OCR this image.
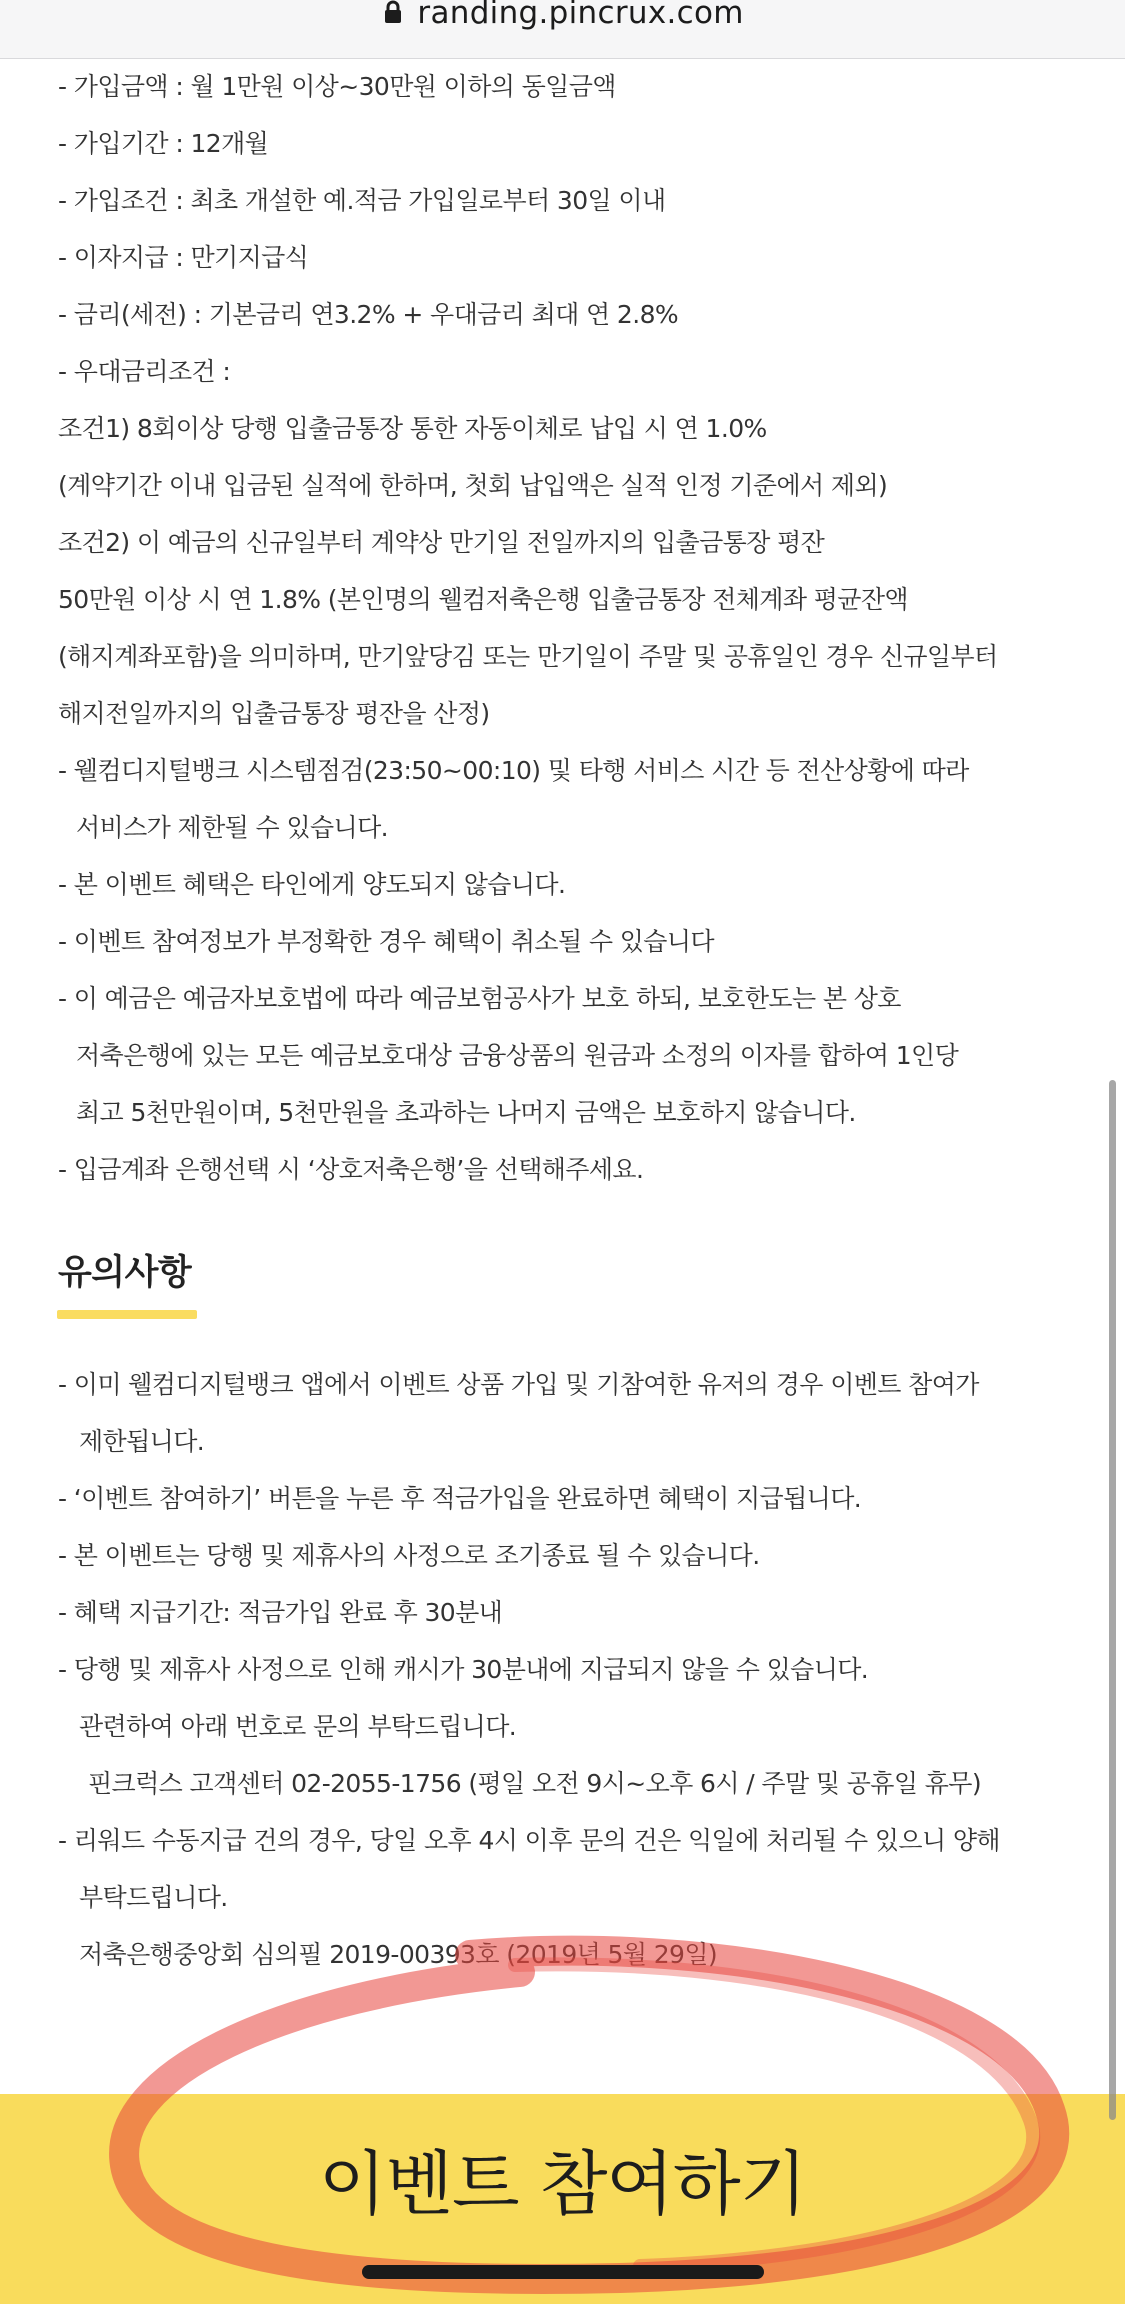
randing.pincrux.com
- 가입금액 : 월 1만원 이상~30만원 이하의 동일금액
- 가입기간 : 12개월
- 가입조건 : 최초 개설한 예.적금 가입일로부터 30일 이내
- 이자지급 : 만기지급식
- 금리(세전) : 기본금리 연3.2% + 우대금리 최대 연 2.8%
- 우대금리조건 :
조건1) 8회이상 당행 입출금통장 통한 자동이체로 납입 시 연 1.0%
(계약기간 이내 입금된 실적에 한하며, 첫회 납입액은 실적 인정 기준에서 제외)
조건2) 이 예금의 신규일부터 계약상 만기일 전일까지의 입출금통장 평잔
50만원 이상 시 연 1.8% (본인명의 웰컴저축은행 입출금통장 전체계좌 평균잔액
(해지계좌포함)을 의미하며, 만기앞당김 또는 만기일이 주말 및 공휴일인 경우 신규일부터
해지전일까지의 입출금통장 평잔을 산정)
- 웰컴디지털뱅크 시스템점검(23:50~00:10) 및 타행 서비스 시간 등 전산상황에 따라
서비스가 제한될 수 있습니다.
- 본 이벤트 혜택은 타인에게 양도되지 않습니다.
- 이벤트 참여정보가 부정확한 경우 혜택이 취소될 수 있습니다
- 이 예금은 예금자보호법에 따라 예금보험공사가 보호 하되, 보호한도는 본 상호
저축은행에 있는 모든 예금보호대상 금융상품의 원금과 소정의 이자를 합하여 1인당
최고 5천만원이며, 5천만원을 초과하는 나머지 금액은 보호하지 않습니다.
- 입금계좌 은행선택 시 ‘상호저축은행’을 선택해주세요.
유의사항
- 이미 웰컴디지털뱅크 앱에서 이벤트 상품 가입 및 기참여한 유저의 경우 이벤트 참여가
제한됩니다.
- ‘이벤트 참여하기’ 버튼을 누른 후 적금가입을 완료하면 혜택이 지급됩니다.
- 본 이벤트는 당행 및 제휴사의 사정으로 조기종료 될 수 있습니다.
- 혜택 지급기간: 적금가입 완료 후 30분내
- 당행 및 제휴사 사정으로 인해 캐시가 30분내에 지급되지 않을 수 있습니다.
관련하여 아래 번호로 문의 부탁드립니다.
핀크럭스 고객센터 02-2055-1756 (평일 오전 9시~오후 6시 / 주말 및 공휴일 휴무)
- 리워드 수동지급 건의 경우, 당일 오후 4시 이후 문의 건은 익일에 처리될 수 있으니 양해
부탁드립니다.
저축은행중앙회 심의필 2019-00393호 (2019년 5월 29일)
이벤트 참여하기
